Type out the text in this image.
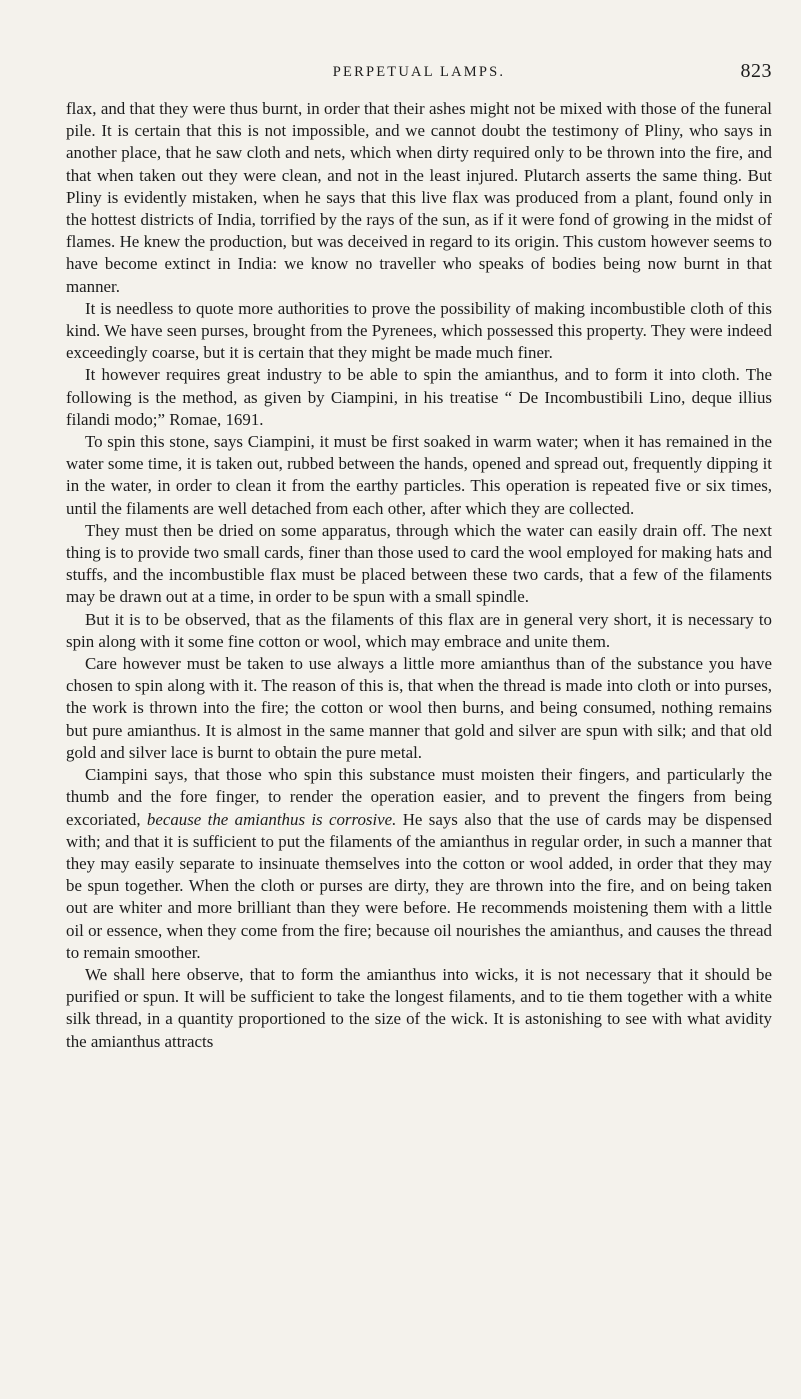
PERPETUAL LAMPS.	823

flax, and that they were thus burnt, in order that their ashes might not be mixed with those of the funeral pile. It is certain that this is not impossible, and we cannot doubt the testimony of Pliny, who says in another place, that he saw cloth and nets, which when dirty required only to be thrown into the fire, and that when taken out they were clean, and not in the least injured. Plutarch asserts the same thing. But Pliny is evidently mistaken, when he says that this live flax was produced from a plant, found only in the hottest districts of India, torrified by the rays of the sun, as if it were fond of growing in the midst of flames. He knew the production, but was deceived in regard to its origin. This custom however seems to have become extinct in India: we know no traveller who speaks of bodies being now burnt in that manner.

It is needless to quote more authorities to prove the possibility of making incombustible cloth of this kind. We have seen purses, brought from the Pyrenees, which possessed this property. They were indeed exceedingly coarse, but it is certain that they might be made much finer.

It however requires great industry to be able to spin the amianthus, and to form it into cloth. The following is the method, as given by Ciampini, in his treatise “ De Incombustibili Lino, deque illius filandi modo;” Romae, 1691.

To spin this stone, says Ciampini, it must be first soaked in warm water; when it has remained in the water some time, it is taken out, rubbed between the hands, opened and spread out, frequently dipping it in the water, in order to clean it from the earthy particles. This operation is repeated five or six times, until the filaments are well detached from each other, after which they are collected.

They must then be dried on some apparatus, through which the water can easily drain off. The next thing is to provide two small cards, finer than those used to card the wool employed for making hats and stuffs, and the incombustible flax must be placed between these two cards, that a few of the filaments may be drawn out at a time, in order to be spun with a small spindle.

But it is to be observed, that as the filaments of this flax are in general very short, it is necessary to spin along with it some fine cotton or wool, which may embrace and unite them.

Care however must be taken to use always a little more amianthus than of the substance you have chosen to spin along with it. The reason of this is, that when the thread is made into cloth or into purses, the work is thrown into the fire; the cotton or wool then burns, and being consumed, nothing remains but pure amianthus. It is almost in the same manner that gold and silver are spun with silk; and that old gold and silver lace is burnt to obtain the pure metal.

Ciampini says, that those who spin this substance must moisten their fingers, and particularly the thumb and the fore finger, to render the operation easier, and to prevent the fingers from being excoriated, because the amianthus is corrosive. He says also that the use of cards may be dispensed with; and that it is sufficient to put the filaments of the amianthus in regular order, in such a manner that they may easily separate to insinuate themselves into the cotton or wool added, in order that they may be spun together. When the cloth or purses are dirty, they are thrown into the fire, and on being taken out are whiter and more brilliant than they were before. He recommends moistening them with a little oil or essence, when they come from the fire; because oil nourishes the amianthus, and causes the thread to remain smoother.

We shall here observe, that to form the amianthus into wicks, it is not necessary that it should be purified or spun. It will be sufficient to take the longest filaments, and to tie them together with a white silk thread, in a quantity proportioned to the size of the wick. It is astonishing to see with what avidity the amianthus attracts
